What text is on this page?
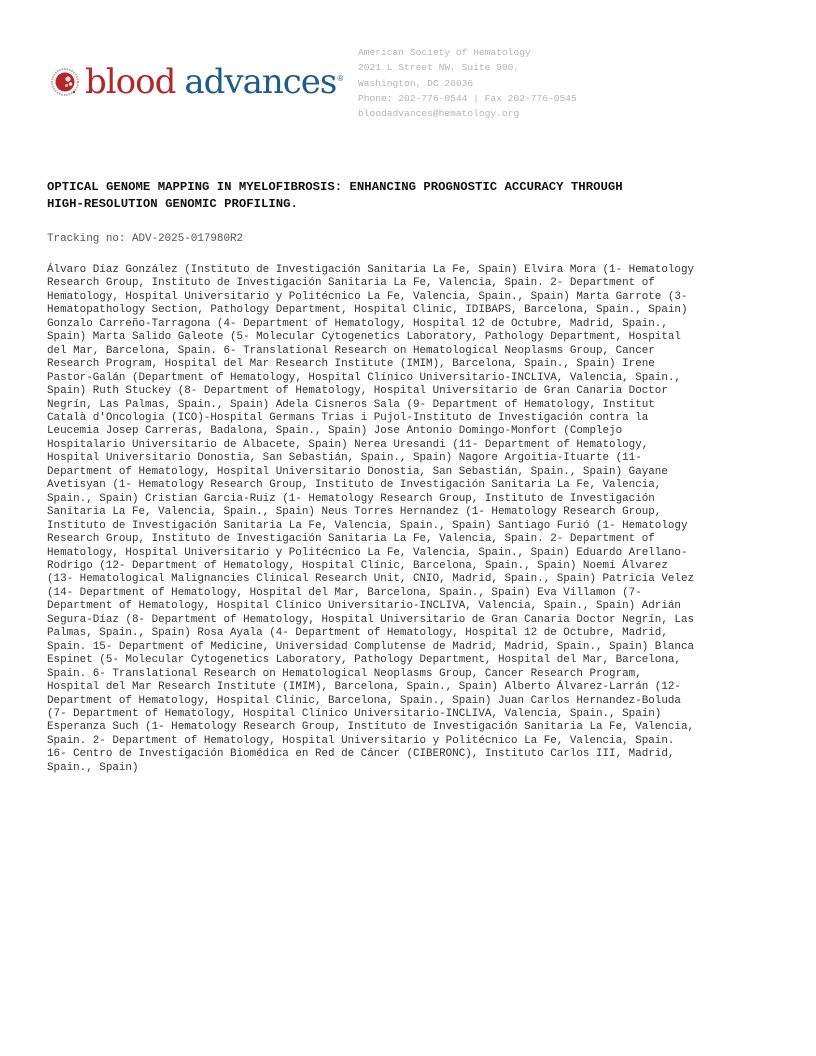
blood advances ®
American Society of Hematology
2021 L Street NW, Suite 900,
Washington, DC 20036
Phone: 202-776-0544 | Fax 202-776-0545
bloodadvances@hematology.org
OPTICAL GENOME MAPPING IN MYELOFIBROSIS: ENHANCING PROGNOSTIC ACCURACY THROUGH
HIGH-RESOLUTION GENOMIC PROFILING.
Tracking no: ADV-2025-017980R2
Álvaro Díaz González (Instituto de Investigación Sanitaria La Fe, Spain) Elvira Mora (1- Hematology
Research Group, Instituto de Investigación Sanitaria La Fe, Valencia, Spain. 2- Department of
Hematology, Hospital Universitario y Politécnico La Fe, Valencia, Spain., Spain) Marta Garrote (3-
Hematopathology Section, Pathology Department, Hospital Clinic, IDIBAPS, Barcelona, Spain., Spain)
Gonzalo Carreño-Tarragona (4- Department of Hematology, Hospital 12 de Octubre, Madrid, Spain.,
Spain) Marta Salido Galeote (5- Molecular Cytogenetics Laboratory, Pathology Department, Hospital
del Mar, Barcelona, Spain. 6- Translational Research on Hematological Neoplasms Group, Cancer
Research Program, Hospital del Mar Research Institute (IMIM), Barcelona, Spain., Spain) Irene
Pastor-Galán (Department of Hematology, Hospital Clínico Universitario-INCLIVA, Valencia, Spain.,
Spain) Ruth Stuckey (8- Department of Hematology, Hospital Universitario de Gran Canaria Doctor
Negrín, Las Palmas, Spain., Spain) Adela Cisneros Sala (9- Department of Hematology, Institut
Català d'Oncologia (ICO)-Hospital Germans Trias i Pujol-Instituto de Investigación contra la
Leucemia Josep Carreras, Badalona, Spain., Spain) Jose Antonio Domingo-Monfort (Complejo
Hospitalario Universitario de Albacete, Spain) Nerea Uresandi (11- Department of Hematology,
Hospital Universitario Donostia, San Sebastián, Spain., Spain) Nagore Argoitia-Ituarte (11-
Department of Hematology, Hospital Universitario Donostia, San Sebastián, Spain., Spain) Gayane
Avetisyan (1- Hematology Research Group, Instituto de Investigación Sanitaria La Fe, Valencia,
Spain., Spain) Cristian Garcia-Ruiz (1- Hematology Research Group, Instituto de Investigación
Sanitaria La Fe, Valencia, Spain., Spain) Neus Torres Hernandez (1- Hematology Research Group,
Instituto de Investigación Sanitaria La Fe, Valencia, Spain., Spain) Santiago Furió (1- Hematology
Research Group, Instituto de Investigación Sanitaria La Fe, Valencia, Spain. 2- Department of
Hematology, Hospital Universitario y Politécnico La Fe, Valencia, Spain., Spain) Eduardo Arellano-
Rodrigo (12- Department of Hematology, Hospital Clínic, Barcelona, Spain., Spain) Noemí Álvarez
(13- Hematological Malignancies Clinical Research Unit, CNIO, Madrid, Spain., Spain) Patricia Velez
(14- Department of Hematology, Hospital del Mar, Barcelona, Spain., Spain) Eva Villamon (7-
Department of Hematology, Hospital Clínico Universitario-INCLIVA, Valencia, Spain., Spain) Adrián
Segura-Díaz (8- Department of Hematology, Hospital Universitario de Gran Canaria Doctor Negrín, Las
Palmas, Spain., Spain) Rosa Ayala (4- Department of Hematology, Hospital 12 de Octubre, Madrid,
Spain. 15- Department of Medicine, Universidad Complutense de Madrid, Madrid, Spain., Spain) Blanca
Espinet (5- Molecular Cytogenetics Laboratory, Pathology Department, Hospital del Mar, Barcelona,
Spain. 6- Translational Research on Hematological Neoplasms Group, Cancer Research Program,
Hospital del Mar Research Institute (IMIM), Barcelona, Spain., Spain) Alberto Álvarez-Larrán (12-
Department of Hematology, Hospital Clínic, Barcelona, Spain., Spain) Juan Carlos Hernandez-Boluda
(7- Department of Hematology, Hospital Clínico Universitario-INCLIVA, Valencia, Spain., Spain)
Esperanza Such (1- Hematology Research Group, Instituto de Investigación Sanitaria La Fe, Valencia,
Spain. 2- Department of Hematology, Hospital Universitario y Politécnico La Fe, Valencia, Spain.
16- Centro de Investigación Biomédica en Red de Cáncer (CIBERONC), Instituto Carlos III, Madrid,
Spain., Spain)
